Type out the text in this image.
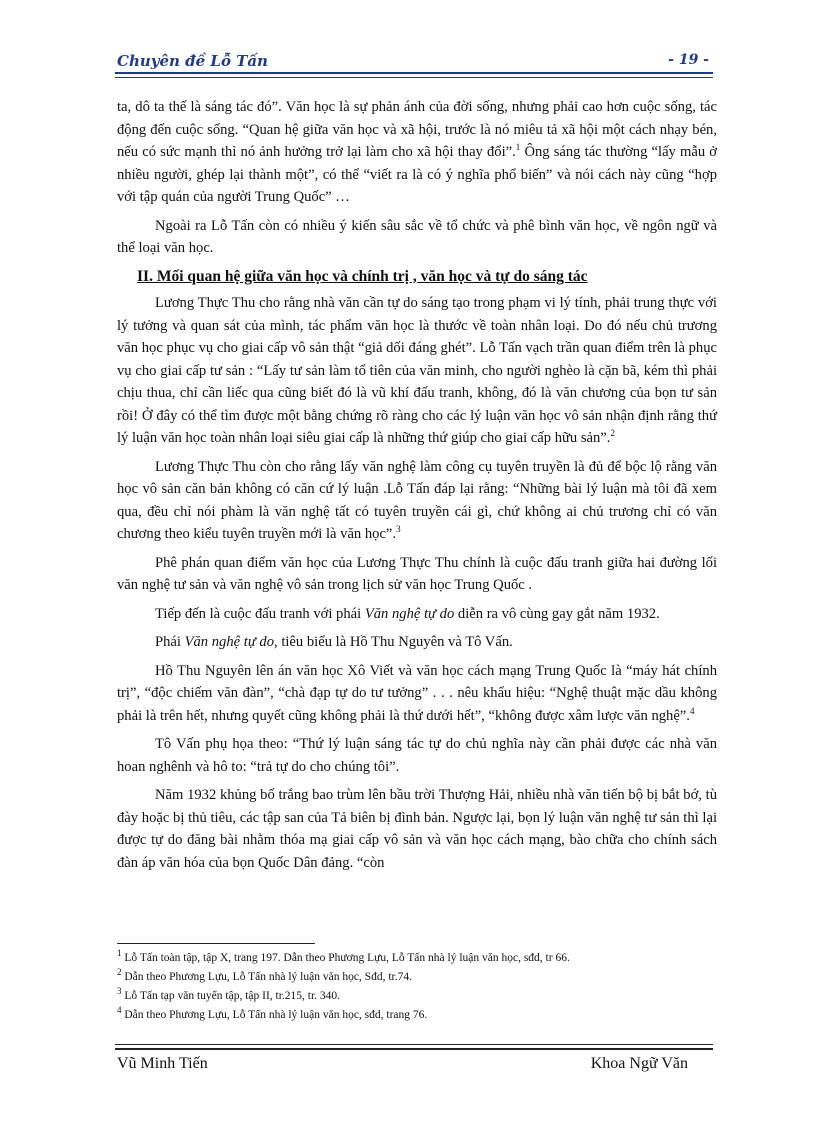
Chuyên đề Lỗ Tấn	- 19 -

ta, dô ta thế là sáng tác đó”. Văn học là sự phản ánh của đời sống, nhưng phải cao hơn cuộc sống, tác động đến cuộc sống. “Quan hệ giữa văn học và xã hội, trước là nó miêu tả xã hội một cách nhạy bén, nếu có sức mạnh thì nó ảnh hưởng trở lại làm cho xã hội thay đổi”.$^1$ Ông sáng tác thường “lấy mẫu ở nhiều người, ghép lại thành một”, có thể “viết ra là có ý nghĩa phổ biến” và nói cách này cũng “hợp với tập quán của người Trung Quốc” …

Ngoài ra Lỗ Tấn còn có nhiều ý kiến sâu sắc về tổ chức và phê bình văn học, về ngôn ngữ và thể loại văn học.

II. Mối quan hệ giữa văn học và chính trị , văn học và tự do sáng tác

Lương Thực Thu cho rằng nhà văn cần tự do sáng tạo trong phạm vi lý tính, phải trung thực với lý tưởng và quan sát của mình, tác phẩm văn học là thước về toàn nhân loại. Do đó nếu chủ trương văn học phục vụ cho giai cấp vô sản thật “giả dối đáng ghét”. Lỗ Tấn vạch trần quan điểm trên là phục vụ cho giai cấp tư sản : “Lấy tư sản làm tổ tiên của văn minh, cho người nghèo là cặn bã, kém thì phải chịu thua, chỉ cần liếc qua cũng biết đó là vũ khí đấu tranh, không, đó là văn chương của bọn tư sản rồi! Ở đây có thể tìm được một bằng chứng rõ ràng cho các lý luận văn học vô sản nhận định rằng thứ lý luận văn học toàn nhân loại siêu giai cấp là những thứ giúp cho giai cấp hữu sản”.$^2$

Lương Thực Thu còn cho rằng lấy văn nghệ làm công cụ tuyên truyền là đủ để bộc lộ rằng văn học vô sản căn bản không có căn cứ lý luận .Lỗ Tấn đáp lại rằng: “Những bài lý luận mà tôi đã xem qua, đều chỉ nói phàm là văn nghệ tất có tuyên truyền cái gì, chứ không ai chủ trương chỉ có văn chương theo kiểu tuyên truyền mới là văn học”.$^3$

Phê phán quan điểm văn học của Lương Thực Thu chính là cuộc đấu tranh giữa hai đường lối văn nghệ tư sản và văn nghệ vô sản trong lịch sử văn học Trung Quốc .

Tiếp đến là cuộc đấu tranh với phái Văn nghệ tự do diễn ra vô cùng gay gắt năm 1932.

Phái Văn nghệ tự do, tiêu biểu là Hồ Thu Nguyên và Tô Vấn.

Hồ Thu Nguyên lên án văn học Xô Viết và văn học cách mạng Trung Quốc là “máy hát chính trị”, “độc chiếm văn đàn”, “chà đạp tự do tư tưởng” . . . nêu khẩu hiệu: “Nghệ thuật mặc dầu không phải là trên hết, nhưng quyết cũng không phải là thứ dưới hết”, “không được xâm lược văn nghệ”.$^4$

Tô Vấn phụ họa theo: “Thứ lý luận sáng tác tự do chủ nghĩa này cần phải được các nhà văn hoan nghênh và hô to: “trả tự do cho chúng tôi”.

Năm 1932 khủng bố trắng bao trùm lên bầu trời Thượng Hải, nhiều nhà văn tiến bộ bị bắt bớ, tù đày hoặc bị thủ tiêu, các tập san của Tả biên bị đình bản. Ngược lại, bọn lý luận văn nghệ tư sản thì lại được tự do đăng bài nhằm thóa mạ giai cấp vô sản và văn học cách mạng, bào chữa cho chính sách đàn áp văn hóa của bọn Quốc Dân đảng. “còn

$^1$ Lỗ Tấn toàn tập, tập X, trang 197. Dẫn theo Phương Lựu, Lỗ Tấn nhà lý luận văn học, sđd, tr 66.
$^2$ Dẫn theo Phương Lựu, Lỗ Tấn nhà lý luận văn học, Sđd, tr.74.
$^3$ Lỗ Tấn tạp văn tuyển tập, tập II, tr.215, tr. 340.
$^4$ Dẫn theo Phương Lựu, Lỗ Tấn nhà lý luận văn học, sđd, trang 76.
Vũ Minh Tiến	Khoa Ngữ Văn
